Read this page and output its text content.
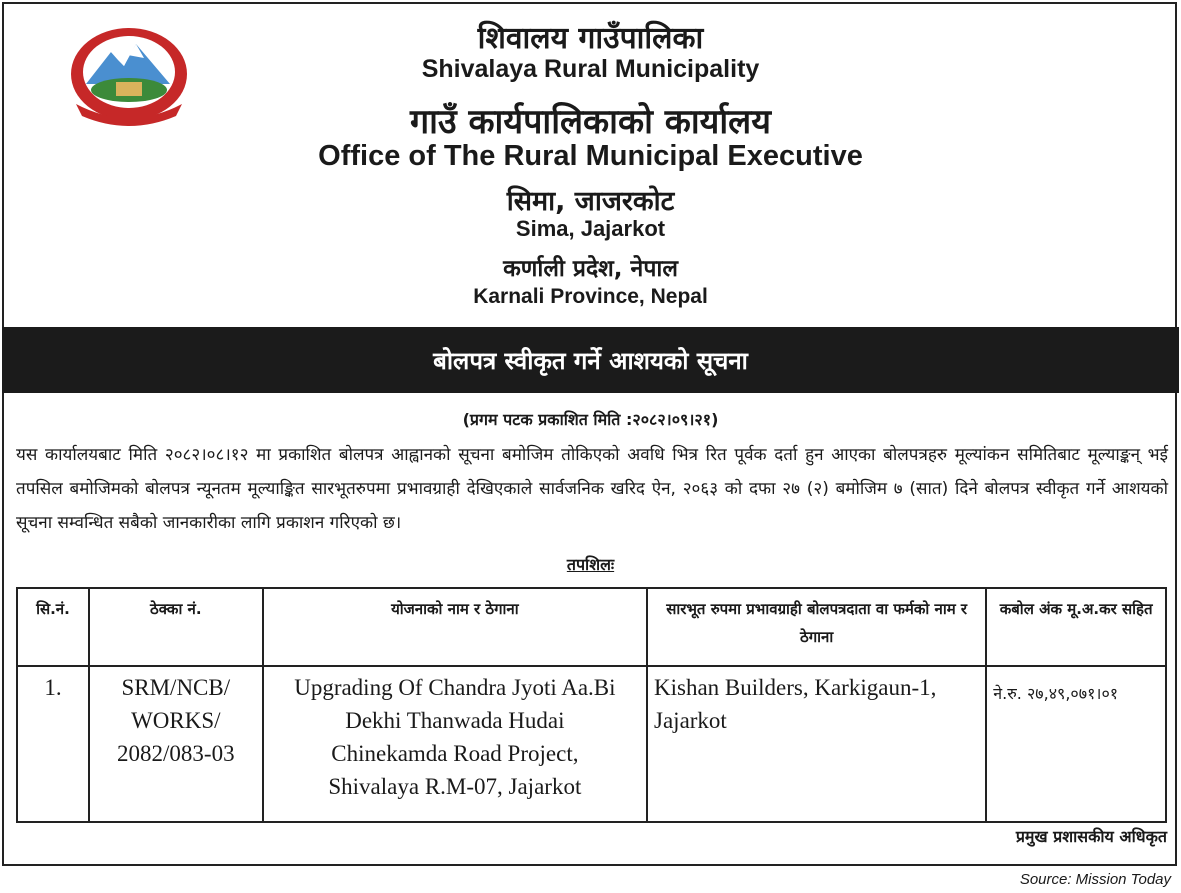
शिवालय गाउँपालिका
Shivalaya Rural Municipality
गाउँ कार्यपालिकाको कार्यालय
Office of The Rural Municipal Executive
सिमा, जाजरकोट
Sima, Jajarkot
कर्णाली प्रदेश, नेपाल
Karnali Province, Nepal
बोलपत्र स्वीकृत गर्ने आशयको सूचना
(प्रगम पटक प्रकाशित मिति :२०८२।०९।२१)
यस कार्यालयबाट मिति २०८२।०८।१२ मा प्रकाशित बोलपत्र आह्वानको सूचना बमोजिम तोकिएको अवधि भित्र रित पूर्वक दर्ता हुन आएका बोलपत्रहरु मूल्यांकन समितिबाट मूल्याङ्कन् भई तपसिल बमोजिमको बोलपत्र न्यूनतम मूल्याङ्कित सारभूतरुपमा प्रभावग्राही देखिएकाले सार्वजनिक खरिद ऐन, २०६३ को दफा २७ (२) बमोजिम ७ (सात) दिने बोलपत्र स्वीकृत गर्ने आशयको सूचना सम्वन्धित सबैको जानकारीका लागि प्रकाशन गरिएको छ।
तपशिलः
सि.नं.	ठेक्का नं.	योजनाको नाम र ठेगाना	सारभूत रुपमा प्रभावग्राही बोलपत्रदाता वा फर्मको नाम र ठेगाना	कबोल अंक मू.अ.कर सहित
1.	SRM/NCB/ WORKS/ 2082/083-03	Upgrading Of Chandra Jyoti Aa.Bi Dekhi Thanwada Hudai Chinekamda Road Project, Shivalaya R.M-07, Jajarkot	Kishan Builders, Karkigaun-1, Jajarkot	ने.रु. २७,४९,०७१।०१
प्रमुख प्रशासकीय अधिकृत
Source: Mission Today
